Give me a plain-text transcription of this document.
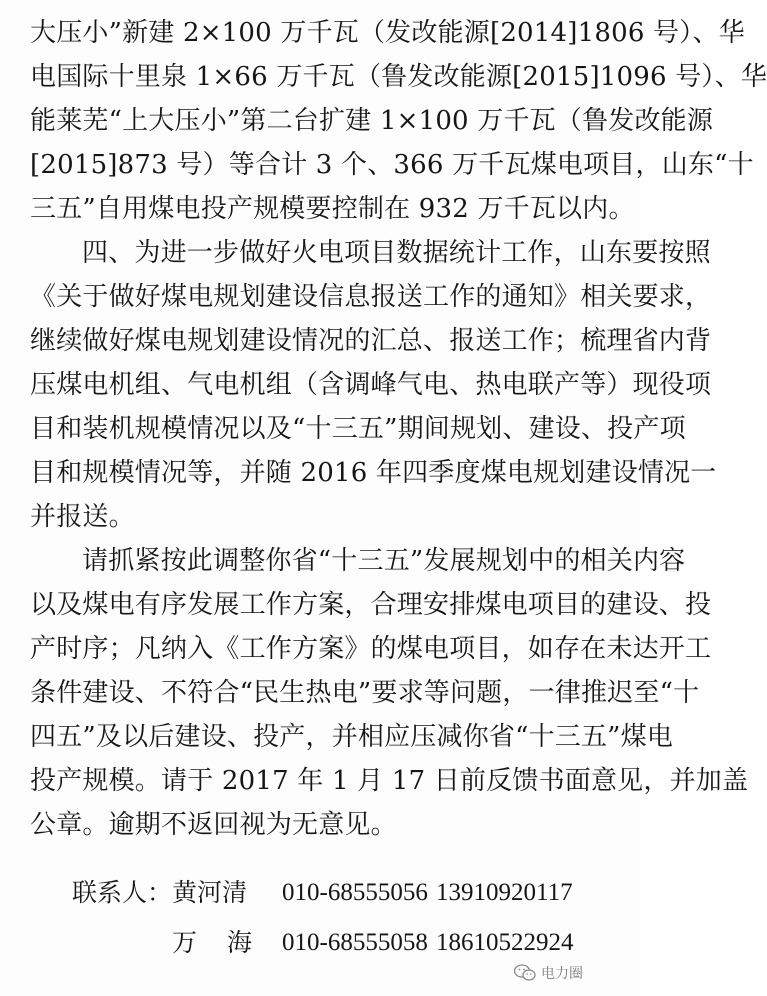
大压小”新建 2×100 万千瓦（发改能源[2014]1806 号）、华
电国际十里泉 1×66 万千瓦（鲁发改能源[2015]1096 号）、华
能莱芜“上大压小”第二台扩建 1×100 万千瓦（鲁发改能源
[2015]873 号）等合计 3 个、366 万千瓦煤电项目，山东“十
三五”自用煤电投产规模要控制在 932 万千瓦以内。
四、为进一步做好火电项目数据统计工作，山东要按照
《关于做好煤电规划建设信息报送工作的通知》相关要求，
继续做好煤电规划建设情况的汇总、报送工作；梳理省内背
压煤电机组、气电机组（含调峰气电、热电联产等）现役项
目和装机规模情况以及“十三五”期间规划、建设、投产项
目和规模情况等，并随 2016 年四季度煤电规划建设情况一
并报送。
请抓紧按此调整你省“十三五”发展规划中的相关内容
以及煤电有序发展工作方案，合理安排煤电项目的建设、投
产时序；凡纳入《工作方案》的煤电项目，如存在未达开工
条件建设、不符合“民生热电”要求等问题，一律推迟至“十
四五”及以后建设、投产，并相应压减你省“十三五”煤电
投产规模。请于 2017 年 1 月 17 日前反馈书面意见，并加盖
公章。逾期不返回视为无意见。
联系人：
电力圈
黄河清 010-68555056 13910920117
万海 010-68555058 18610522924
